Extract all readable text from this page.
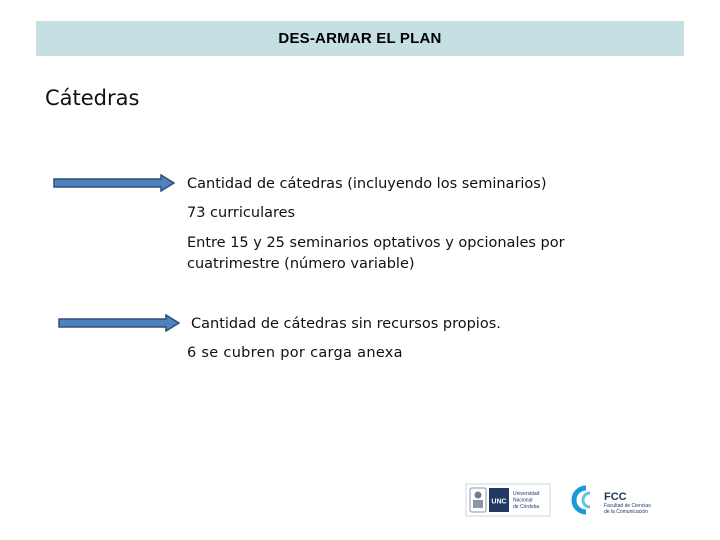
DES-ARMAR EL PLAN
Cátedras
Cantidad de cátedras (incluyendo los seminarios)
73 curriculares
Entre 15 y 25 seminarios optativos y opcionales por cuatrimestre (número variable)
Cantidad de cátedras sin recursos propios.
6 se cubren por carga anexa
UNC
Universidad
Nacional
de Córdoba
FCC
Facultad de Ciencias
de la Comunicación
